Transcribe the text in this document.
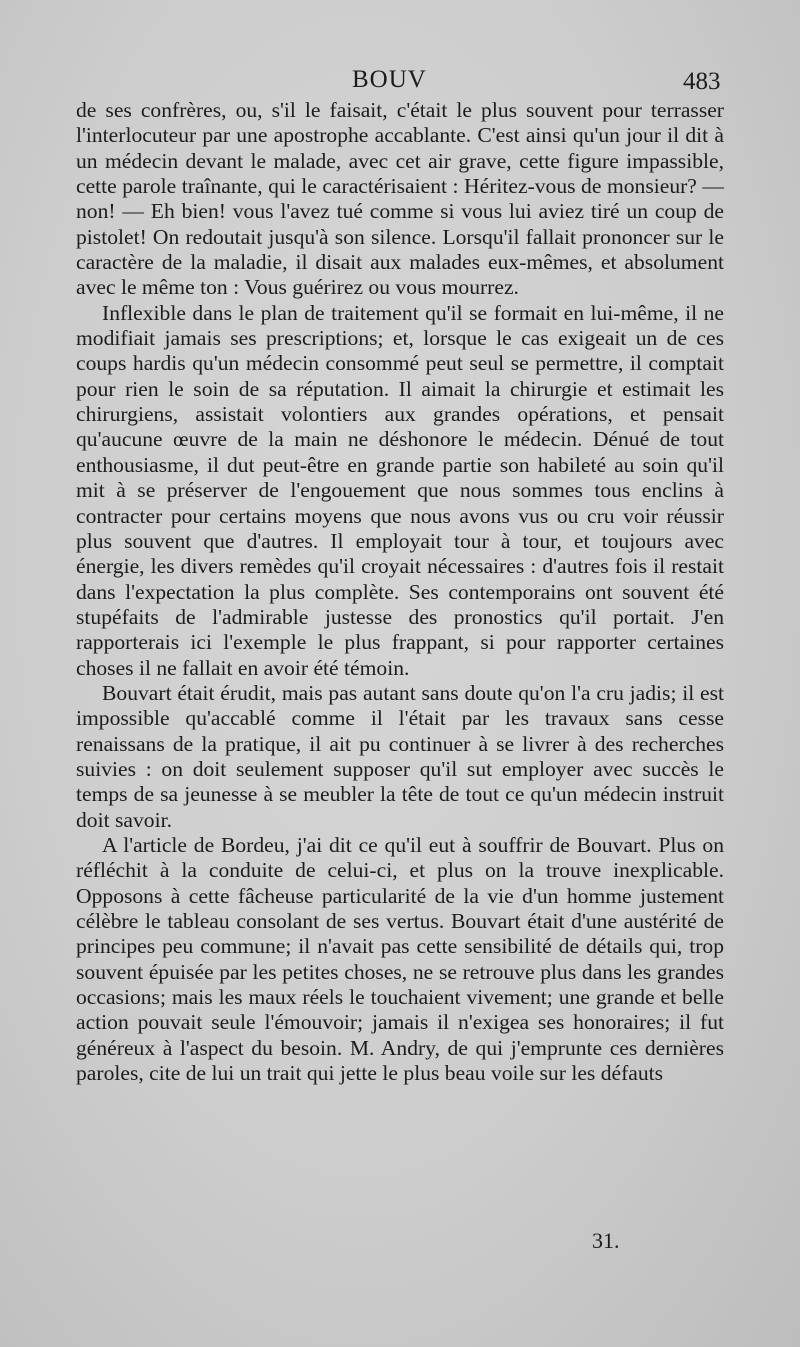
BOUV	483

de ses confrères, ou, s'il le faisait, c'était le plus souvent pour terrasser l'interlocuteur par une apostrophe accablante. C'est ainsi qu'un jour il dit à un médecin devant le malade, avec cet air grave, cette figure impassible, cette parole traînante, qui le caractérisaient : Héritez-vous de monsieur? — non! — Eh bien! vous l'avez tué comme si vous lui aviez tiré un coup de pistolet! On redoutait jusqu'à son silence. Lorsqu'il fallait prononcer sur le caractère de la maladie, il disait aux malades eux-mêmes, et absolument avec le même ton : Vous guérirez ou vous mourrez.

Inflexible dans le plan de traitement qu'il se formait en lui-même, il ne modifiait jamais ses prescriptions; et, lorsque le cas exigeait un de ces coups hardis qu'un médecin consommé peut seul se permettre, il comptait pour rien le soin de sa réputation. Il aimait la chirurgie et estimait les chirurgiens, assistait volontiers aux grandes opérations, et pensait qu'aucune œuvre de la main ne déshonore le médecin. Dénué de tout enthousiasme, il dut peut-être en grande partie son habileté au soin qu'il mit à se préserver de l'engouement que nous sommes tous enclins à contracter pour certains moyens que nous avons vus ou cru voir réussir plus souvent que d'autres. Il employait tour à tour, et toujours avec énergie, les divers remèdes qu'il croyait nécessaires : d'autres fois il restait dans l'expectation la plus complète. Ses contemporains ont souvent été stupéfaits de l'admirable justesse des pronostics qu'il portait. J'en rapporterais ici l'exemple le plus frappant, si pour rapporter certaines choses il ne fallait en avoir été témoin.

Bouvart était érudit, mais pas autant sans doute qu'on l'a cru jadis; il est impossible qu'accablé comme il l'était par les travaux sans cesse renaissans de la pratique, il ait pu continuer à se livrer à des recherches suivies : on doit seulement supposer qu'il sut employer avec succès le temps de sa jeunesse à se meubler la tête de tout ce qu'un médecin instruit doit savoir.

A l'article de Bordeu, j'ai dit ce qu'il eut à souffrir de Bouvart. Plus on réfléchit à la conduite de celui-ci, et plus on la trouve inexplicable. Opposons à cette fâcheuse particularité de la vie d'un homme justement célèbre le tableau consolant de ses vertus. Bouvart était d'une austérité de principes peu commune; il n'avait pas cette sensibilité de détails qui, trop souvent épuisée par les petites choses, ne se retrouve plus dans les grandes occasions; mais les maux réels le touchaient vivement; une grande et belle action pouvait seule l'émouvoir; jamais il n'exigea ses honoraires; il fut généreux à l'aspect du besoin. M. Andry, de qui j'emprunte ces dernières paroles, cite de lui un trait qui jette le plus beau voile sur les défauts

31.
